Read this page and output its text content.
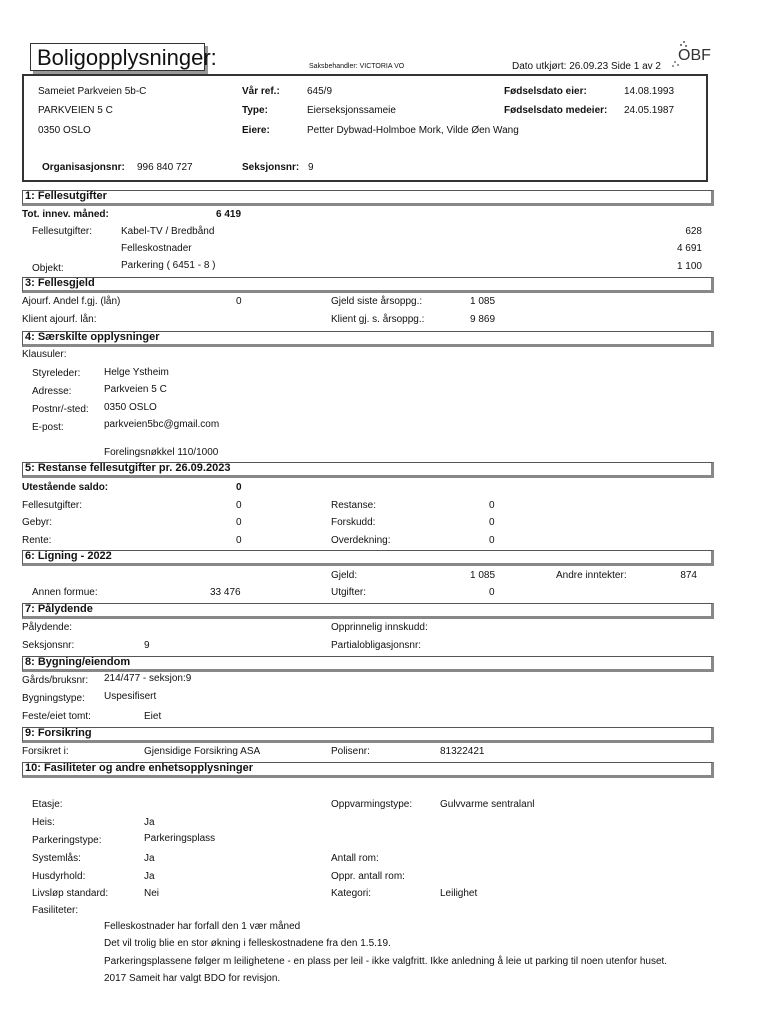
Boligopplysninger:	Saksbehandler: VICTORIA VO	Dato utkjørt: 26.09.23 Side 1 av 2
OBF
Sameiet Parkveien 5b-C
PARKVEIEN 5 C
0350 OSLO
Vår ref.:	645/9
Type:	Eierseksjonssameie
Eiere:	Petter Dybwad-Holmboe Mork, Vilde Øen Wang
Fødselsdato eier:	14.08.1993
Fødselsdato medeier: 24.05.1987
Organisasjonsnr: 996 840 727	Seksjonsnr: 9
1: Fellesutgifter
Tot. innev. måned:	6 419
Fellesutgifter:	Kabel-TV / Bredbånd	628
Felleskostnader	4 691
Objekt:	Parkering ( 6451 - 8 )	1 100
3: Fellesgjeld
Ajourf. Andel f.gj. (lån)	0
Klient ajourf. lån:
Gjeld siste årsoppg.:	1 085
Klient gj. s. årsoppg.:	9 869
4: Særskilte opplysninger
Klausuler:
Styreleder: Helge Ystheim
Adresse:	Parkveien 5 C
Postnr/-sted: 0350 OSLO
E-post:	parkveien5bc@gmail.com
Forelingsnøkkel 110/1000
5: Restanse fellesutgifter pr. 26.09.2023
Utestående saldo:	0
Fellesutgifter:	0
Gebyr:	0
Rente:	0
Restanse:	0
Forskudd:	0
Overdekning:	0
6: Ligning - 2022
Gjeld:	1 085	Andre inntekter:	874
Annen formue:	33 476	Utgifter:	0
7: Pålydende
Pålydende:
Seksjonsnr:	9
Opprinnelig innskudd:
Partialobligasjonsnr:
8: Bygning/eiendom
Gårds/bruksnr: 214/477 - seksjon:9
Bygningstype: Uspesifisert
Feste/eiet tomt:	Eiet
9: Forsikring
Forsikret i:	Gjensidige Forsikring ASA	Polisenr:	81322421
10: Fasiliteter og andre enhetsopplysninger
Etasje:
Heis:	Ja
Parkeringstype:	Parkeringsplass
Systemlås:	Ja
Husdyrhold:	Ja
Livsløp standard:	Nei
Fasiliteter:
Oppvarmingstype:	Gulvvarme sentralanl
Antall rom:
Oppr. antall rom:
Kategori:	Leilighet
Felleskostnader har forfall den 1 vær måned
Det vil trolig blie en stor økning i felleskostnadene fra den 1.5.19.
Parkeringsplassene følger m leilighetene - en plass per leil - ikke valgfritt. Ikke anledning å leie ut parking til noen utenfor huset.
2017 Sameit har valgt BDO for revisjon.
